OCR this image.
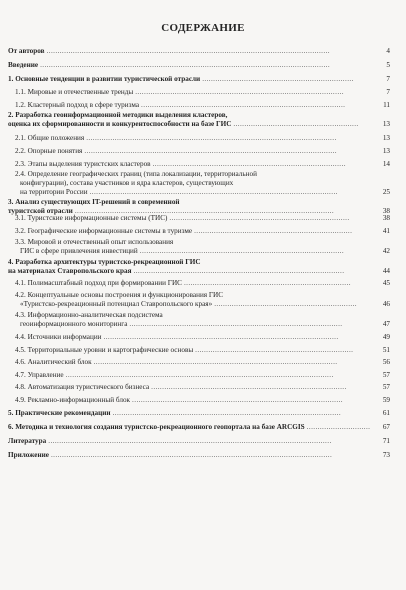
СОДЕРЖАНИЕ
От авторов	4
.................................................................................................................................
Введение	5
....................................................................................................................................
1. Основные тенденции в развитии туристической отрасли	7
.....................................................................
1.1. Мировые и отечественные тренды	7
...............................................................................................
1.2. Кластерный подход в сфере туризма	11
.............................................................................................
2. Разработка геоинформационной методики выделения кластеров,
оценка их сформированности и конкурентоспособности на базе ГИС	13
.........................................................
2.1. Общие положения	13
..................................................................................................................
2.2. Опорные понятия	13
...................................................................................................................
2.3. Этапы выделения туристских кластеров	14
........................................................................................
2.4. Определение географических границ (типа локализации, территориальной
конфигурации), состава участников и ядра кластеров, существующих
на территории России	25
.................................................................................................................
3. Анализ существующих IT-решений в современной
туристской отрасли	38
......................................................................................................................
3.1. Туристские информационные системы (ТИС)	38
..................................................................................
3.2. Географические информационные системы в туризме	41
........................................................................
3.3. Мировой и отечественный опыт использования
ГИС в сфере привлечения инвестиций	42
.............................................................................................
4. Разработка архитектуры туристско-рекреационной ГИС
на материалах Ставропольского края	44
................................................................................................
4.1. Полимасштабный подход при формировании ГИС	45
............................................................................
4.2. Концептуальные основы построения и функционирования ГИС
«Туристско-рекреационный потенциал Ставропольского края»	46
.................................................................
4.3. Информационно-аналитическая подсистема
геоинформационного мониторинга	47
.................................................................................................
4.4. Источники информации	49
...........................................................................................................
4.5. Территориальные уровни и картографические основы	51
........................................................................
4.6. Аналитический блок	56
...............................................................................................................
4.7. Управление	57
..........................................................................................................................
4.8. Автоматизация туристического бизнеса	57
.........................................................................................
4.9. Рекламно-информационный блок	59
................................................................................................
5. Практические рекомендации	61
........................................................................................................
6. Методика и технология создания туристско-рекреационного геопортала на базе ARCGIS	67
.............................
Литература	71
.................................................................................................................................
Приложение	73
................................................................................................................................
